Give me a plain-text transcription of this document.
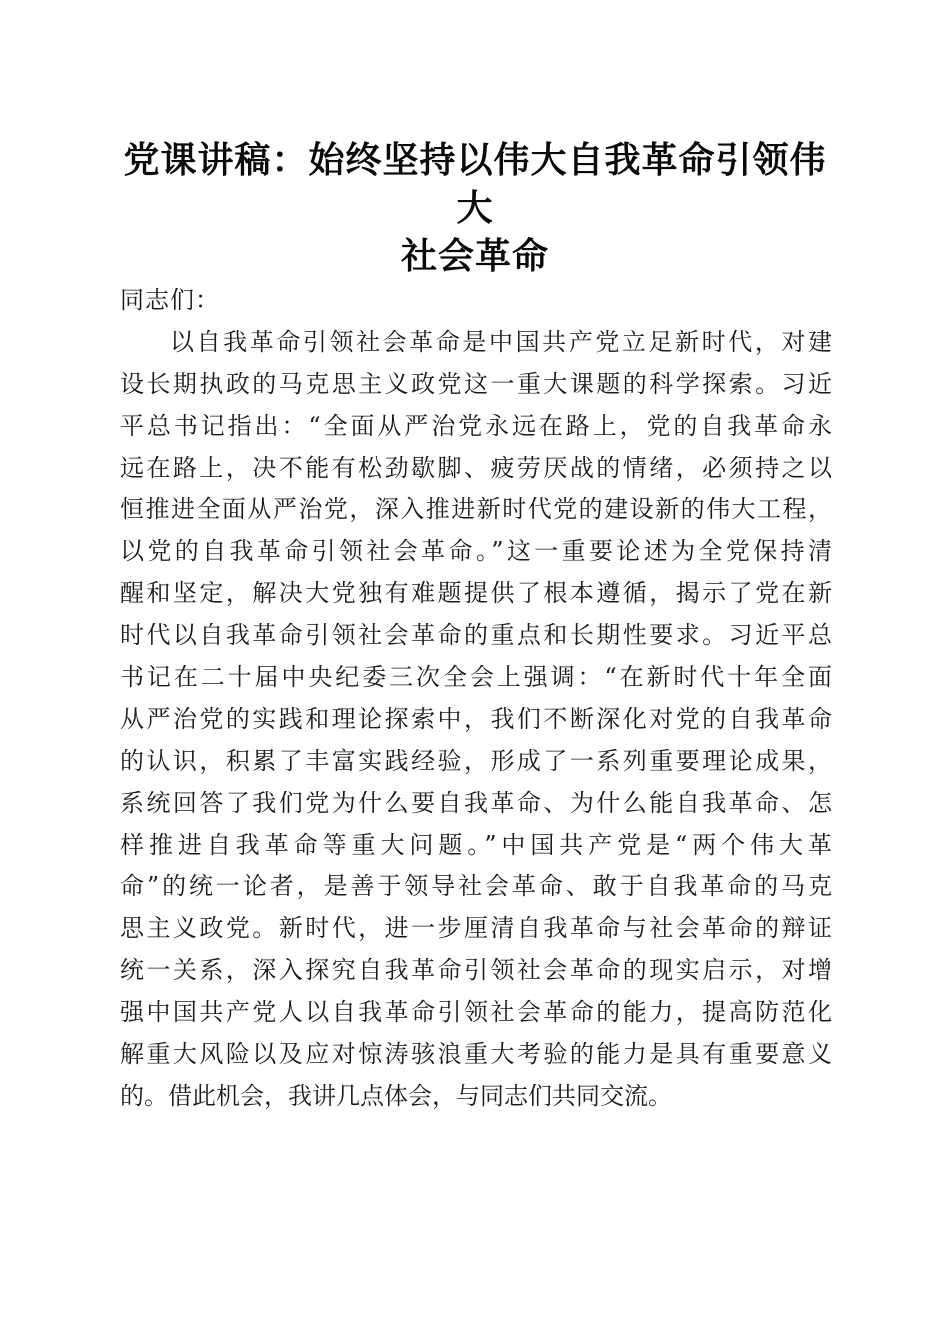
党课讲稿：始终坚持以伟大自我革命引领伟大
社会革命
同志们：
以自我革命引领社会革命是中国共产党立足新时代，对建
设长期执政的马克思主义政党这一重大课题的科学探索。习近
平总书记指出：“全面从严治党永远在路上，党的自我革命永
远在路上，决不能有松劲歇脚、疲劳厌战的情绪，必须持之以
恒推进全面从严治党，深入推进新时代党的建设新的伟大工程，
以党的自我革命引领社会革命。”这一重要论述为全党保持清
醒和坚定，解决大党独有难题提供了根本遵循，揭示了党在新
时代以自我革命引领社会革命的重点和长期性要求。习近平总
书记在二十届中央纪委三次全会上强调：“在新时代十年全面
从严治党的实践和理论探索中，我们不断深化对党的自我革命
的认识，积累了丰富实践经验，形成了一系列重要理论成果，
系统回答了我们党为什么要自我革命、为什么能自我革命、怎
样推进自我革命等重大问题。”中国共产党是“两个伟大革
命”的统一论者，是善于领导社会革命、敢于自我革命的马克
思主义政党。新时代，进一步厘清自我革命与社会革命的辩证
统一关系，深入探究自我革命引领社会革命的现实启示，对增
强中国共产党人以自我革命引领社会革命的能力，提高防范化
解重大风险以及应对惊涛骇浪重大考验的能力是具有重要意义
的。借此机会，我讲几点体会，与同志们共同交流。
